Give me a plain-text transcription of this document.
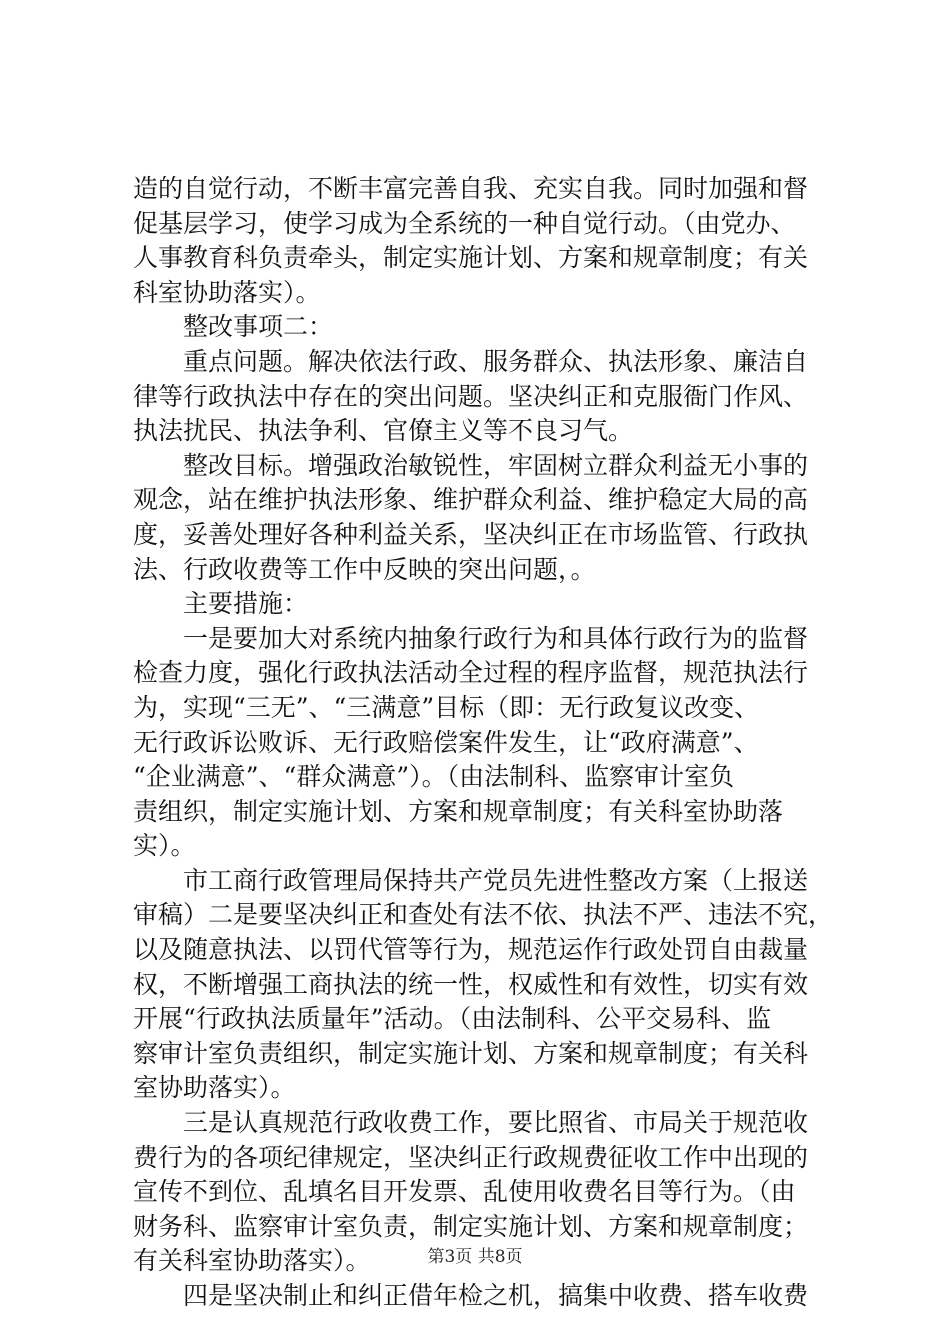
造的自觉行动，不断丰富完善自我、充实自我。同时加强和督
促基层学习，使学习成为全系统的一种自觉行动。（由党办、
人事教育科负责牵头，制定实施计划、方案和规章制度；有关
科室协助落实）。
整改事项二：
重点问题。解决依法行政、服务群众、执法形象、廉洁自
律等行政执法中存在的突出问题。坚决纠正和克服衙门作风、
执法扰民、执法争利、官僚主义等不良习气。
整改目标。增强政治敏锐性，牢固树立群众利益无小事的
观念，站在维护执法形象、维护群众利益、维护稳定大局的高
度，妥善处理好各种利益关系，坚决纠正在市场监管、行政执
法、行政收费等工作中反映的突出问题，。
主要措施：
一是要加大对系统内抽象行政行为和具体行政行为的监督
检查力度，强化行政执法活动全过程的程序监督，规范执法行
为，实现“三无”、“三满意”目标（即：无行政复议改变、
无行政诉讼败诉、无行政赔偿案件发生，让“政府满意”、
“企业满意”、“群众满意”）。（由法制科、监察审计室负
责组织，制定实施计划、方案和规章制度；有关科室协助落
实）。
市工商行政管理局保持共产党员先进性整改方案（上报送
审稿）二是要坚决纠正和查处有法不依、执法不严、违法不究，
以及随意执法、以罚代管等行为，规范运作行政处罚自由裁量
权，不断增强工商执法的统一性，权威性和有效性，切实有效
开展“行政执法质量年”活动。（由法制科、公平交易科、监
察审计室负责组织，制定实施计划、方案和规章制度；有关科
室协助落实）。
三是认真规范行政收费工作，要比照省、市局关于规范收
费行为的各项纪律规定，坚决纠正行政规费征收工作中出现的
宣传不到位、乱填名目开发票、乱使用收费名目等行为。（由
财务科、监察审计室负责，制定实施计划、方案和规章制度；
有关科室协助落实）。
四是坚决制止和纠正借年检之机，搞集中收费、搭车收费
第3页 共8页
